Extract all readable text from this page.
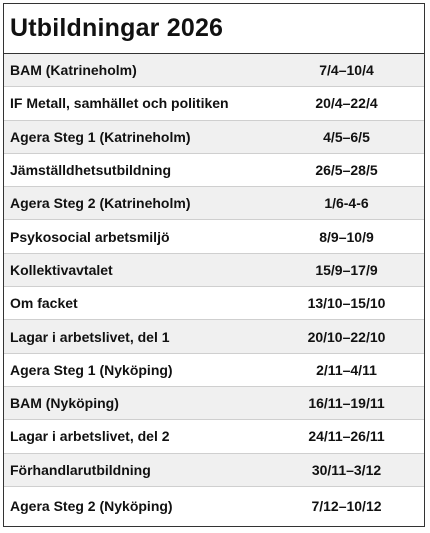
Utbildningar 2026
BAM (Katrineholm)	7/4–10/4
IF Metall, samhället och politiken	20/4–22/4
Agera Steg 1 (Katrineholm)	4/5–6/5
Jämställdhetsutbildning	26/5–28/5
Agera Steg 2 (Katrineholm)	1/6-4-6
Psykosocial arbetsmiljö	8/9–10/9
Kollektivavtalet	15/9–17/9
Om facket	13/10–15/10
Lagar i arbetslivet, del 1	20/10–22/10
Agera Steg 1 (Nyköping)	2/11–4/11
BAM (Nyköping)	16/11–19/11
Lagar i arbetslivet, del 2	24/11–26/11
Förhandlarutbildning	30/11–3/12
Agera Steg 2 (Nyköping)	7/12–10/12
